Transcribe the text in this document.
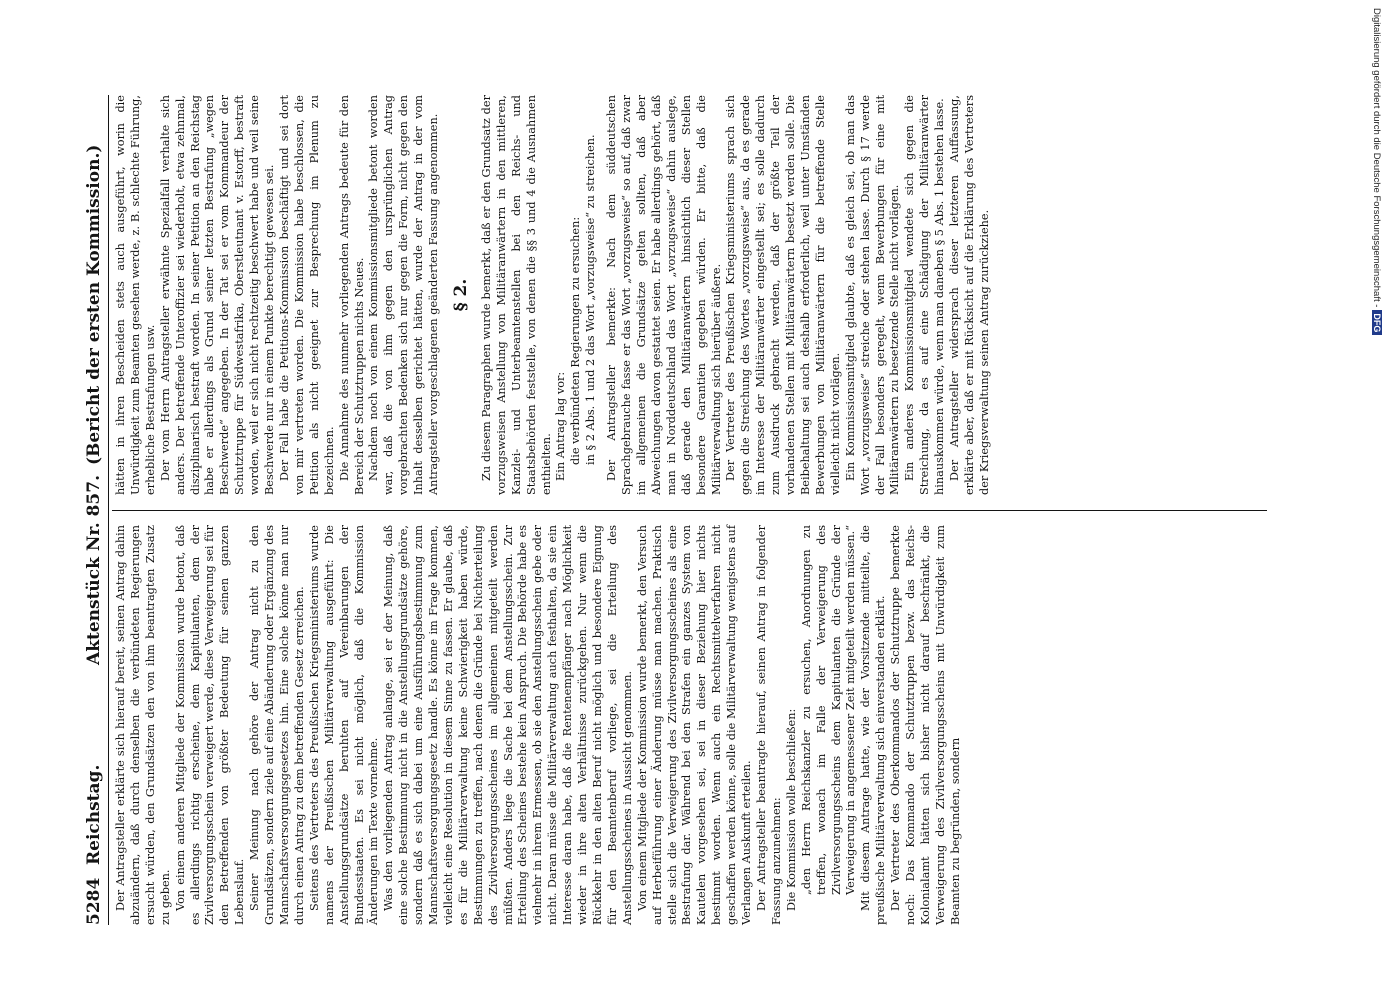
5284
Reichstag.
Aktenstück Nr. 857.
(Bericht der ersten Kommission.)

Der Antragsteller erklärte sich hierauf bereit, seinen Antrag dahin abzuändern, daß durch denselben die verbündeten Regierungen ersucht würden, den Grundsätzen den von ihm beantragten Zusatz zu geben. Von einem anderen Mitgliede der Kommission wurde betont, daß es allerdings richtig erscheine, dem Kapitulanten, dem der Zivilversorgungsschein verweigert werde, diese Verweigerung sei für den Betreffenden von größter Bedeutung für seinen ganzen Lebenslauf. Seiner Meinung nach gehöre der Antrag nicht zu den Grundsätzen, sondern ziele auf eine Abänderung oder Ergänzung des Mannschaftsversorgungsgesetzes hin. Eine solche könne man nur durch einen Antrag zu dem betreffenden Gesetz erreichen. Seitens des Vertreters des Preußischen Kriegsministeriums wurde namens der Preußischen Militärverwaltung ausgeführt: Die Anstellungsgrundsätze beruhten auf Vereinbarungen der Bundesstaaten. Es sei nicht möglich, daß die Kommission Änderungen im Texte vornehme. Was den vorliegenden Antrag anlange, sei er der Meinung, daß eine solche Bestimmung nicht in die Anstellungsgrundsätze gehöre, sondern daß es sich dabei um eine Ausführungsbestimmung zum Mannschaftsversorgungsgesetz handle. Es könne im Frage kommen, vielleicht eine Resolution in diesem Sinne zu fassen. Er glaube, daß es für die Militärverwaltung keine Schwierigkeit haben würde, Bestimmungen zu treffen, nach denen die Gründe bei Nichterteilung des Zivilversorgungsscheines im allgemeinen mitgeteilt werden müßten. Anders liege die Sache bei dem Anstellungsschein. Zur Erteilung des Scheines bestehe kein Anspruch. Die Behörde habe es vielmehr in ihrem Ermessen, ob sie den Anstellungsschein gebe oder nicht. Daran müsse die Militärverwaltung auch festhalten, da sie ein Interesse daran habe, daß die Rentenempfänger nach Möglichkeit wieder in ihre alten Verhältnisse zurückgehen. Nur wenn die Rückkehr in den alten Beruf nicht möglich und besondere Eignung für den Beamtenberuf vorliege, sei die Erteilung des Anstellungsscheines in Aussicht genommen. Von einem Mitgliede der Kommission wurde bemerkt, den Versuch auf Herbeiführung einer Änderung müsse man machen. Praktisch stelle sich die Verweigerung des Zivilversorgungsscheines als eine Bestrafung dar. Während bei den Strafen ein ganzes System von Kautelen vorgesehen sei, sei in dieser Beziehung hier nichts bestimmt worden. Wenn auch ein Rechtsmittelverfahren nicht geschaffen werden könne, solle die Militärverwaltung wenigstens auf Verlangen Auskunft erteilen. Der Antragsteller beantragte hierauf, seinen Antrag in folgender Fassung anzunehmen: Die Kommission wolle beschließen: „den Herrn Reichskanzler zu ersuchen, Anordnungen zu treffen, wonach im Falle der Verweigerung des Zivilversorgungsscheins dem Kapitulanten die Gründe der Verweigerung in angemessener Zeit mitgeteilt werden müssen.“ Mit diesem Antrage hatte, wie der Vorsitzende mitteilte, die preußische Militärverwaltung sich einverstanden erklärt. Der Vertreter des Oberkommandos der Schutztruppe bemerkte noch: Das Kommando der Schutztruppen bezw. das Reichs-Kolonialamt hätten sich bisher nicht darauf beschränkt, die Verweigerung des Zivilversorgungsscheins mit Unwürdigkeit zum Beamten zu begründen, sondern

hätten in ihren Bescheiden stets auch ausgeführt, worin die Unwürdigkeit zum Beamten gesehen werde, z. B. schlechte Führung, erhebliche Bestrafungen usw. Der vom Herrn Antragsteller erwähnte Spezialfall verhalte sich anders. Der betreffende Unteroffizier sei wiederholt, etwa zehnmal, disziplinarisch bestraft worden. In seiner Petition an den Reichstag habe er allerdings als Grund seiner letzten Bestrafung „wegen Beschwerde“ angegeben. In der Tat sei er vom Kommandeur der Schutztruppe für Südwestafrika, Oberstleutnant v. Estorff, bestraft worden, weil er sich nicht rechtzeitig beschwert habe und weil seine Beschwerde nur in einem Punkte berechtigt gewesen sei. Der Fall habe die Petitions-Kommission beschäftigt und sei dort von mir vertreten worden. Die Kommission habe beschlossen, die Petition als nicht geeignet zur Besprechung im Plenum zu bezeichnen. Die Annahme des nunmehr vorliegenden Antrags bedeute für den Bereich der Schutztruppen nichts Neues. Nachdem noch von einem Kommissionsmitgliede betont worden war, daß die von ihm gegen den ursprünglichen Antrag vorgebrachten Bedenken sich nur gegen die Form, nicht gegen den Inhalt desselben gerichtet hätten, wurde der Antrag in der vom Antragsteller vorgeschlagenen geänderten Fassung angenommen. § 2. Zu diesem Paragraphen wurde bemerkt, daß er den Grundsatz der vorzugsweisen Anstellung von Militäranwärtern in den mittleren, Kanzlei- und Unterbeamtenstellen bei den Reichs- und Staatsbehörden feststelle, von denen die §§ 3 und 4 die Ausnahmen enthielten. Ein Antrag lag vor: die verbündeten Regierungen zu ersuchen: in § 2 Abs. 1 und 2 das Wort „vorzugsweise“ zu streichen. Der Antragsteller bemerkte: Nach dem süddeutschen Sprachgebrauche fasse er das Wort „vorzugsweise“ so auf, daß zwar im allgemeinen die Grundsätze gelten sollten, daß aber Abweichungen davon gestattet seien. Er habe allerdings gehört, daß man in Norddeutschland das Wort „vorzugsweise“ dahin auslege, daß gerade den Militäranwärtern hinsichtlich dieser Stellen besondere Garantien gegeben würden. Er bitte, daß die Militärverwaltung sich hierüber äußere. Der Vertreter des Preußischen Kriegsministeriums sprach sich gegen die Streichung des Wortes „vorzugsweise“ aus, da es gerade im Interesse der Militäranwärter eingestellt sei; es solle dadurch zum Ausdruck gebracht werden, daß der größte Teil der vorhandenen Stellen mit Militäranwärtern besetzt werden solle. Die Beibehaltung sei auch deshalb erforderlich, weil unter Umständen Bewerbungen von Militäranwärtern für die betreffende Stelle vielleicht nicht vorlägen. Ein Kommissionsmitglied glaubte, daß es gleich sei, ob man das Wort „vorzugsweise“ streiche oder stehen lasse. Durch § 17 werde der Fall besonders geregelt, wenn Bewerbungen für eine mit Militäranwärtern zu besetzende Stelle nicht vorlägen. Ein anderes Kommissionsmitglied wendete sich gegen die Streichung, da es auf eine Schädigung der Militäranwärter hinauskommen würde, wenn man daneben § 5 Abs. 1 bestehen lasse. Der Antragsteller widersprach dieser letzteren Auffassung, erklärte aber, daß er mit Rücksicht auf die Erklärung des Vertreters der Kriegsverwaltung seinen Antrag zurückziehe.

Digitalisierung gefördert durch die Deutsche Forschungsgemeinschaft -DFG
